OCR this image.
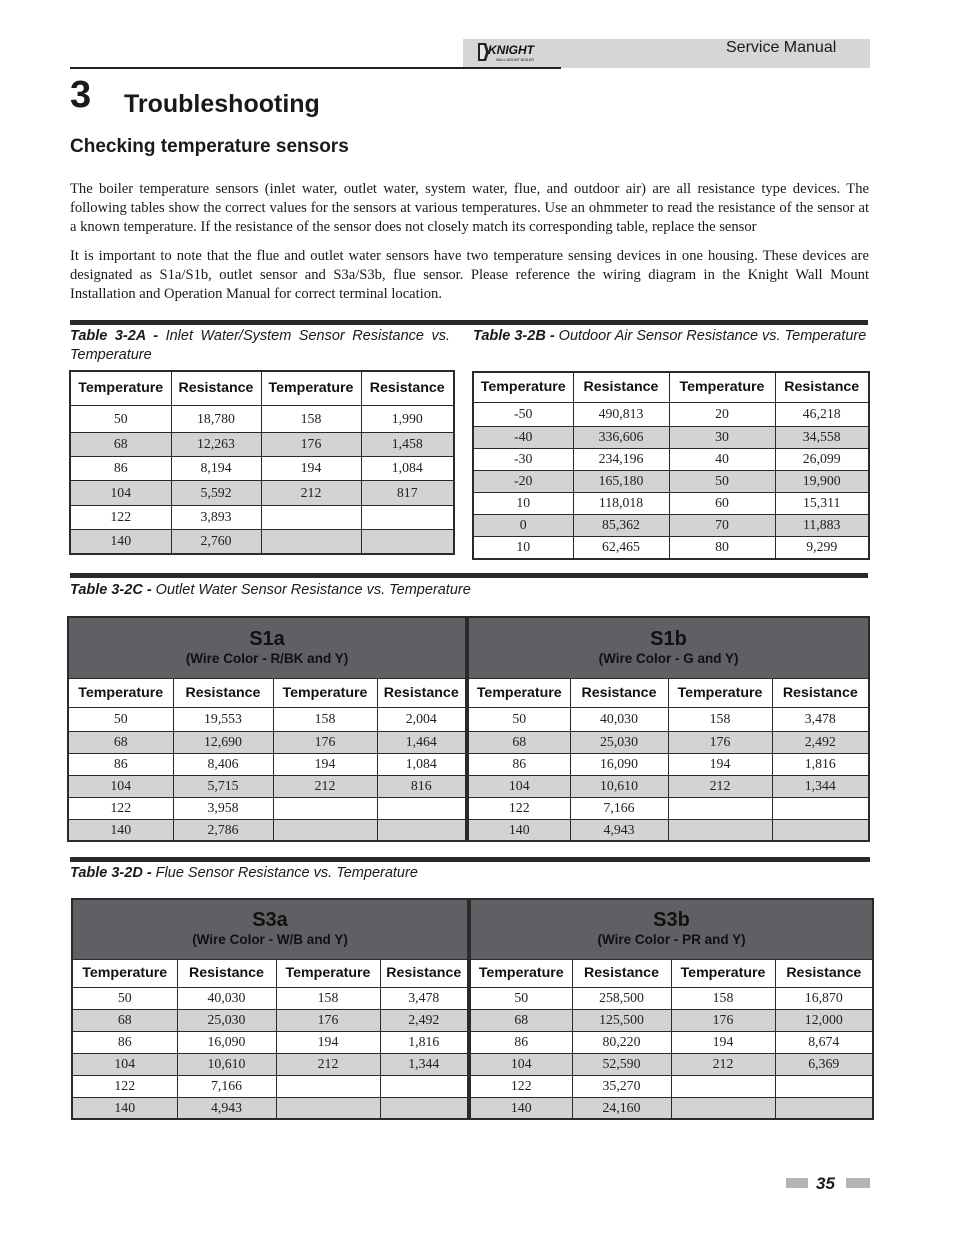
KNIGHT
WALL MOUNT BOILER
Service Manual
3 Troubleshooting
Checking temperature sensors

The boiler temperature sensors (inlet water, outlet water, system water, flue, and outdoor air) are all resistance type devices. The following tables show the correct values for the sensors at various temperatures. Use an ohmmeter to read the resistance of the sensor at a known temperature. If the resistance of the sensor does not closely match its corresponding table, replace the sensor

It is important to note that the flue and outlet water sensors have two temperature sensing devices in one housing. These devices are designated as S1a/S1b, outlet sensor and S3a/S3b, flue sensor. Please reference the wiring diagram in the Knight Wall Mount Installation and Operation Manual for correct terminal location.

Table 3-2A - Inlet Water/System Sensor Resistance vs. Temperature
Temperature	Resistance	Temperature	Resistance
50	18,780	158	1,990
68	12,263	176	1,458
86	8,194	194	1,084
104	5,592	212	817
122	3,893		
140	2,760		
Table 3-2B - Outdoor Air Sensor Resistance vs. Temperature
Temperature	Resistance	Temperature	Resistance
-50	490,813	20	46,218
-40	336,606	30	34,558
-30	234,196	40	26,099
-20	165,180	50	19,900
10	118,018	60	15,311
0	85,362	70	11,883
10	62,465	80	9,299
Table 3-2C - Outlet Water Sensor Resistance vs. Temperature
S1a
(Wire Color - R/BK and Y)				S1b
(Wire Color - G and Y)			

Temperature	Resistance	Temperature	Resistance	Temperature	Resistance	Temperature	Resistance
50	19,553	158	2,004	50	40,030	158	3,478
68	12,690	176	1,464	68	25,030	176	2,492
86	8,406	194	1,084	86	16,090	194	1,816
104	5,715	212	816	104	10,610	212	1,344
122	3,958			122	7,166		
140	2,786			140	4,943		
Table 3-2D - Flue Sensor Resistance vs. Temperature
S3a
(Wire Color - W/B and Y)				S3b
(Wire Color - PR and Y)			

Temperature	Resistance	Temperature	Resistance	Temperature	Resistance	Temperature	Resistance
50	40,030	158	3,478	50	258,500	158	16,870
68	25,030	176	2,492	68	125,500	176	12,000
86	16,090	194	1,816	86	80,220	194	8,674
104	10,610	212	1,344	104	52,590	212	6,369
122	7,166			122	35,270		
140	4,943			140	24,160		
35
